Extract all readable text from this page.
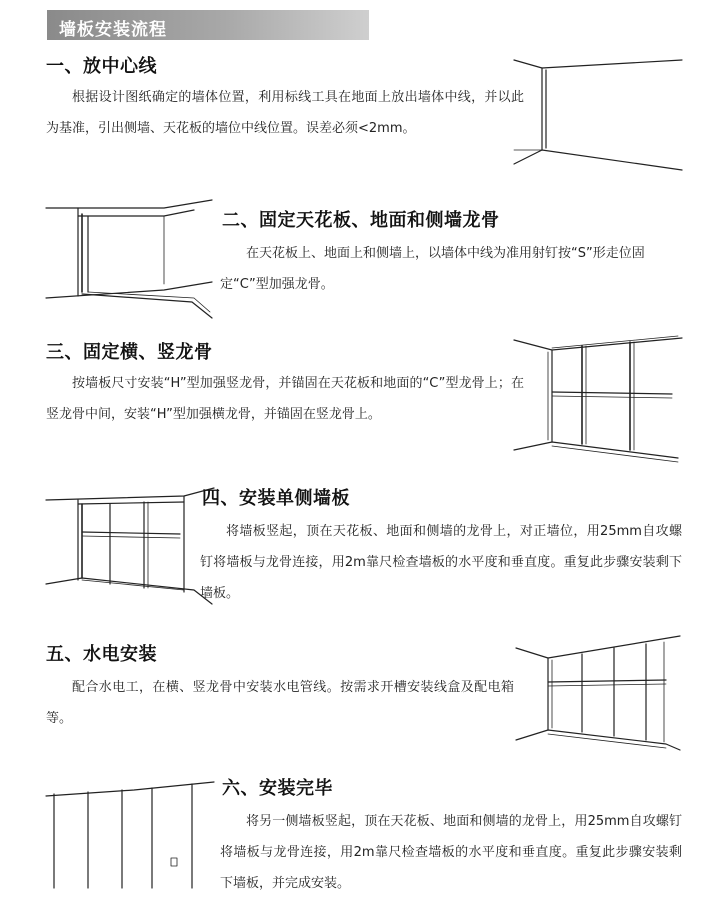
墙板安装流程
一、放中心线
根据设计图纸确定的墙体位置，利用标线工具在地面上放出墙体中线，并以此为基准，引出侧墙、天花板的墙位中线位置。误差必须<2mm。
二、固定天花板、地面和侧墙龙骨
在天花板上、地面上和侧墙上，以墙体中线为准用射钉按“S”形走位固定“C”型加强龙骨。
三、固定横、竖龙骨
按墙板尺寸安装“H”型加强竖龙骨，并锚固在天花板和地面的“C”型龙骨上；在竖龙骨中间，安装“H”型加强横龙骨，并锚固在竖龙骨上。
四、安装单侧墙板
将墙板竖起，顶在天花板、地面和侧墙的龙骨上，对正墙位，用25mm自攻螺钉将墙板与龙骨连接，用2m靠尺检查墙板的水平度和垂直度。重复此步骤安装剩下墙板。
五、水电安装
配合水电工，在横、竖龙骨中安装水电管线。按需求开槽安装线盒及配电箱等。
六、安装完毕
将另一侧墙板竖起，顶在天花板、地面和侧墙的龙骨上，用25mm自攻螺钉将墙板与龙骨连接，用2m靠尺检查墙板的水平度和垂直度。重复此步骤安装剩下墙板，并完成安装。
